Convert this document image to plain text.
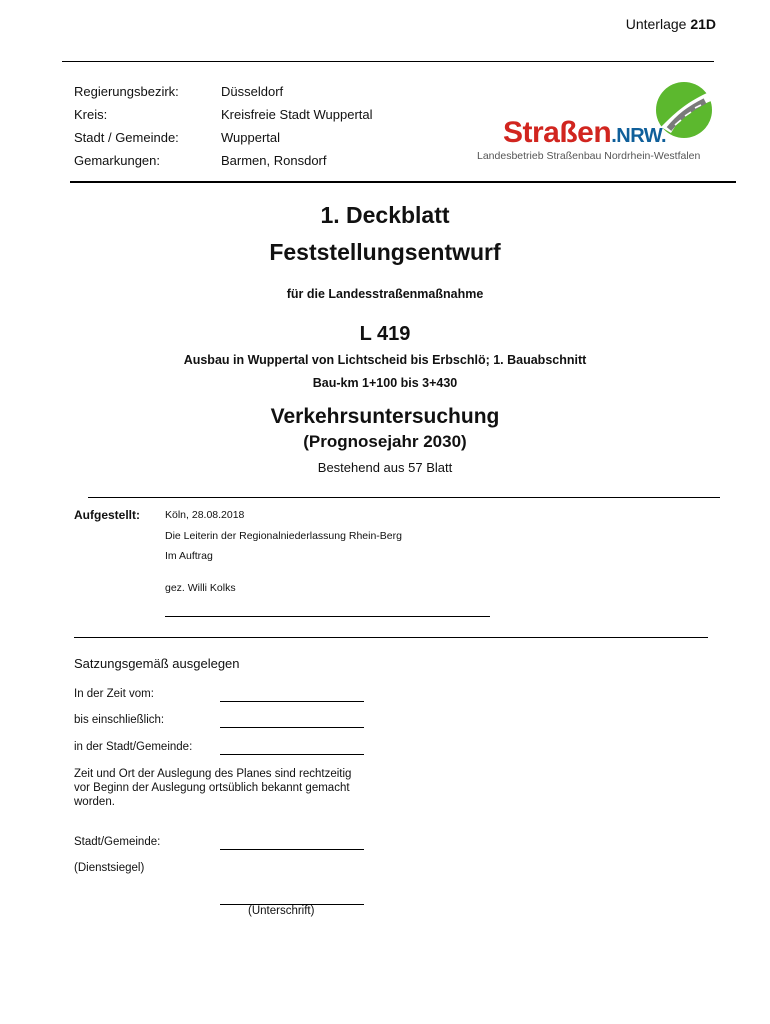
Unterlage 21D
Regierungsbezirk:	Düsseldorf
Kreis:	Kreisfreie Stadt Wuppertal
Stadt / Gemeinde:	Wuppertal
Gemarkungen:	Barmen, Ronsdorf
Straßen.NRW.
Landesbetrieb Straßenbau Nordrhein-Westfalen
1. Deckblatt
Feststellungsentwurf
für die Landesstraßenmaßnahme
L 419
Ausbau in Wuppertal von Lichtscheid bis Erbschlö; 1. Bauabschnitt
Bau-km 1+100 bis 3+430
Verkehrsuntersuchung
(Prognosejahr 2030)
Bestehend aus 57 Blatt
Aufgestellt: Köln, 28.08.2018
Die Leiterin der Regionalniederlassung Rhein-Berg
Im Auftrag
gez. Willi Kolks
Satzungsgemäß ausgelegen
In der Zeit vom:
bis einschließlich:
in der Stadt/Gemeinde:
Zeit und Ort der Auslegung des Planes sind rechtzeitig
vor Beginn der Auslegung ortsüblich bekannt gemacht
worden.
Stadt/Gemeinde:
(Dienstsiegel)
(Unterschrift)
